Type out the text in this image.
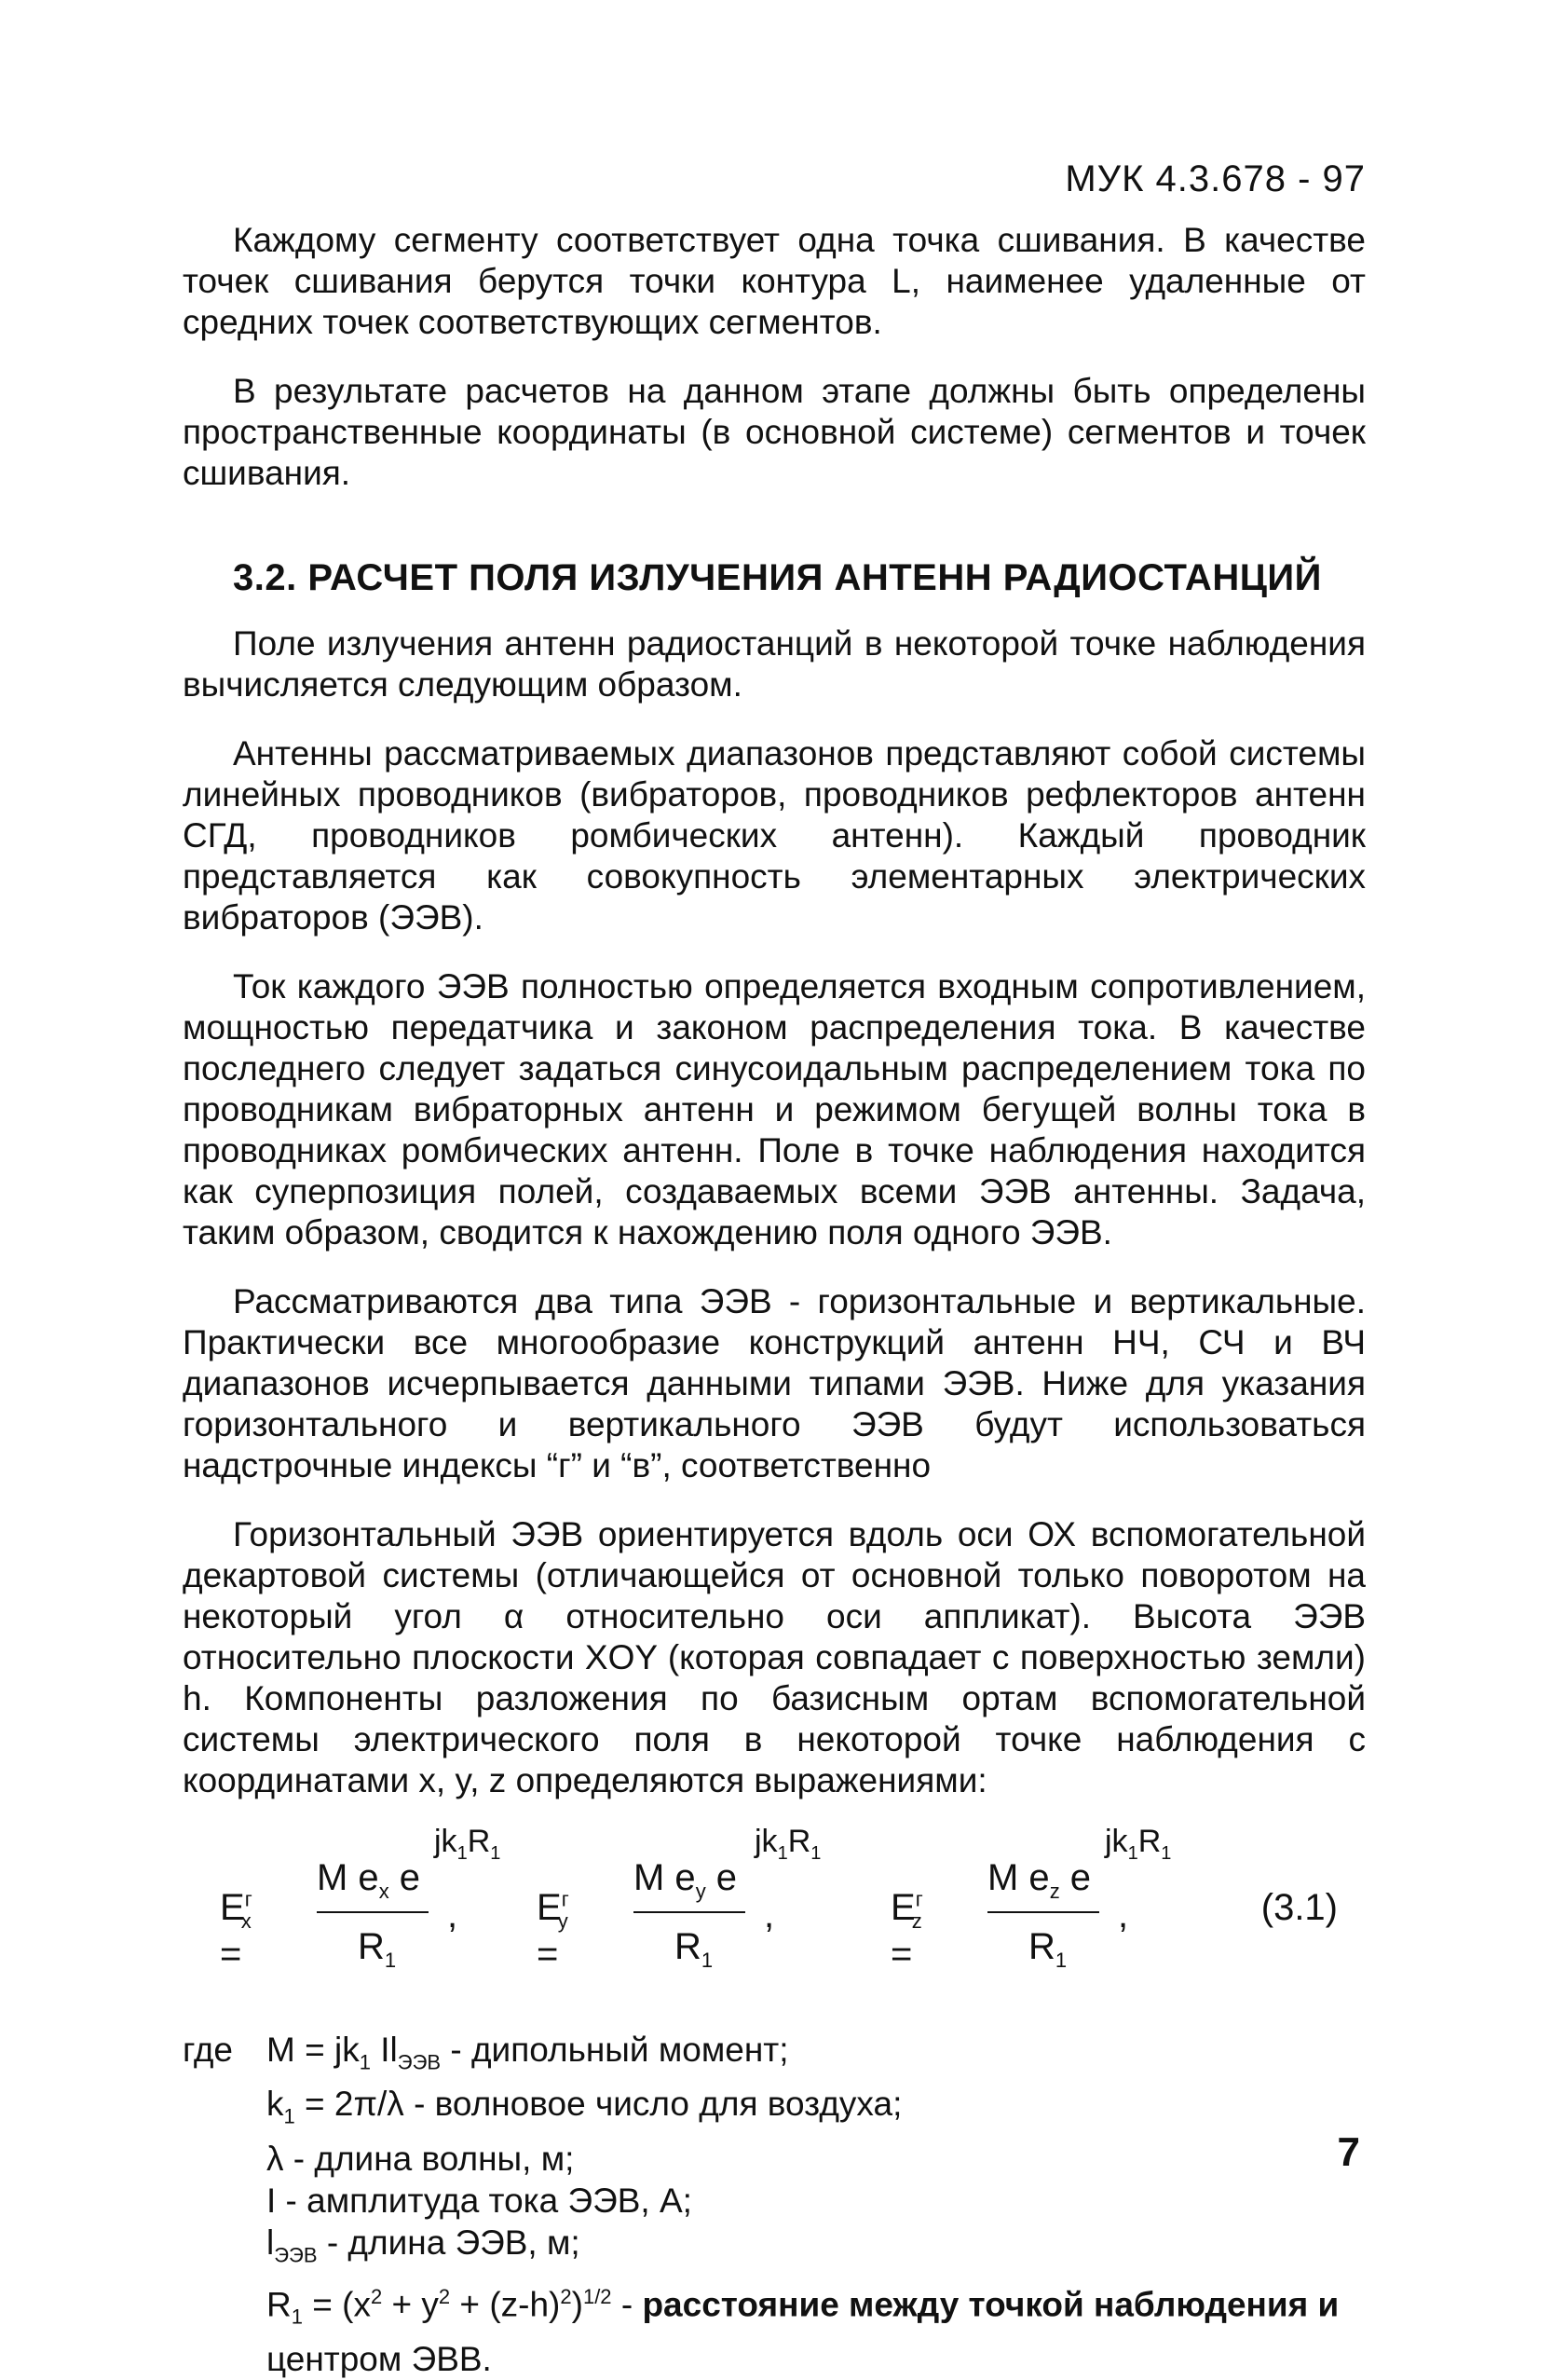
МУК 4.3.678 - 97

Каждому сегменту соответствует одна точка сшивания. В качестве точек сшивания берутся точки контура L, наименее удаленные от средних точек соответствующих сегментов.

В результате расчетов на данном этапе должны быть определены пространственные координаты (в основной системе) сегментов и точек сшивания.

3.2. РАСЧЕТ ПОЛЯ ИЗЛУЧЕНИЯ АНТЕНН РАДИОСТАНЦИЙ

Поле излучения антенн радиостанций в некоторой точке наблюдения вычисляется следующим образом.

Антенны рассматриваемых диапазонов представляют собой системы линейных проводников (вибраторов, проводников рефлекторов антенн СГД, проводников ромбических антенн). Каждый проводник представляется как совокупность элементарных электрических вибраторов (ЭЭВ).

Ток каждого ЭЭВ полностью определяется входным сопротивлением, мощностью передатчика и законом распределения тока. В качестве последнего следует задаться синусоидальным распределением тока по проводникам вибраторных антенн и режимом бегущей волны тока в проводниках ромбических антенн. Поле в точке наблюдения находится как суперпозиция полей, создаваемых всеми ЭЭВ антенны. Задача, таким образом, сводится к нахождению поля одного ЭЭВ.

Рассматриваются два типа ЭЭВ - горизонтальные и вертикальные. Практически все многообразие конструкций антенн НЧ, СЧ и ВЧ диапазонов исчерпывается данными типами ЭЭВ. Ниже для указания горизонтального и вертикального ЭЭВ будут использоваться надстрочные индексы “г” и “в”, соответственно

Горизонтальный ЭЭВ ориентируется вдоль оси ОХ вспомогательной декартовой системы (отличающейся от основной только поворотом на некоторый угол α относительно оси аппликат). Высота ЭЭВ относительно плоскости XOY (которая совпадает с поверхностью земли) h. Компоненты разложения по базисным ортам вспомогательной системы электрического поля в некоторой точке наблюдения с координатами x, y, z определяются выражениями:

$E^г_x$ =
M $e_x$ e
$jk_1R_1$
$R_1$
, $E^г_y$ =
M $e_y$ e
$jk_1R_1$
$R_1$
,	$E^г_z$ =
M $e_z$ e
$jk_1R_1$
$R_1$
,	(3.1)
где $M = jk_1$ $Il_{ЭЭВ}$ - дипольный момент;
$k_1 = 2\pi/\lambda$ - волновое число для воздуха;
λ - длина волны, м;
I - амплитуда тока ЭЭВ, А;
$l_{ЭЭВ}$ - длина ЭЭВ, м;
$R_1 = (x^2 + y^2 + (z-h)^2)^{1/2}$ - расстояние между точкой наблюдения и
центром ЭВВ.
7
